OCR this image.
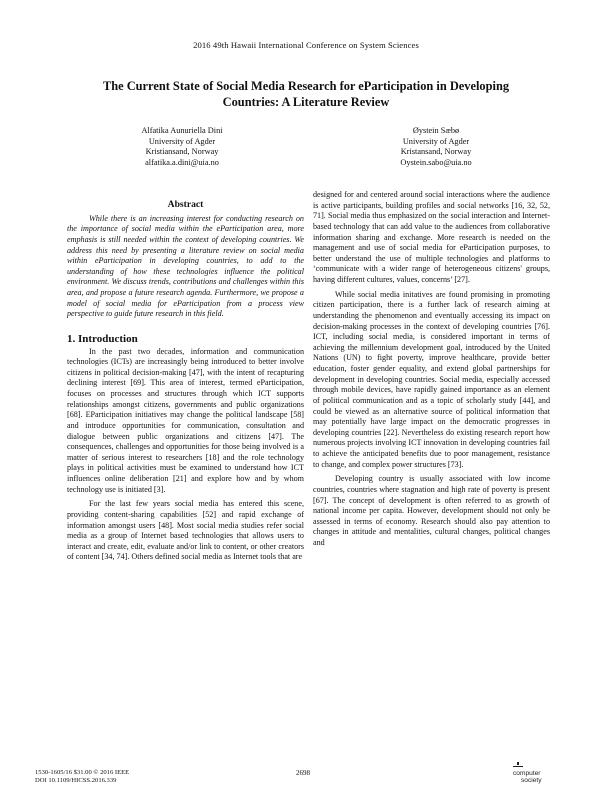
2016 49th Hawaii International Conference on System Sciences
The Current State of Social Media Research for eParticipation in Developing
Countries: A Literature Review
Alfatika Aunuriella Dini
University of Agder
Kristiansand, Norway
alfatika.a.dini@uia.no
Øystein Sæbø
University of Agder
Kristansand, Norway
Oystein.sabo@uia.no
Abstract

While there is an increasing interest for conducting research on the importance of social media within the eParticipation area, more emphasis is still needed within the context of developing countries. We address this need by presenting a literature review on social media within eParticipation in developing countries, to add to the understanding of how these technologies influence the political environment. We discuss trends, contributions and challenges within this area, and propose a future research agenda. Furthermore, we propose a model of social media for eParticipation from a process view perspective to guide future research in this field.

1. Introduction

In the past two decades, information and communication technologies (ICTs) are increasingly being introduced to better involve citizens in political decision-making [47], with the intent of recapturing declining interest [69]. This area of interest, termed eParticipation, focuses on processes and structures through which ICT supports relationships amongst citizens, governments and public organizations [68]. EParticipation initiatives may change the political landscape [58] and introduce opportunities for communication, consultation and dialogue between public organizations and citizens [47]. The consequences, challenges and opportunities for those being involved is a matter of serious interest to researchers [18] and the role technology plays in political activities must be examined to understand how ICT influences online deliberation [21] and explore how and by whom technology use is initiated [3].

For the last few years social media has entered this scene, providing content-sharing capabilities [52] and rapid exchange of information amongst users [48]. Most social media studies refer social media as a group of Internet based technologies that allows users to interact and create, edit, evaluate and/or link to content, or other creators of content [34, 74]. Others defined social media as Internet tools that are

designed for and centered around social interactions where the audience is active participants, building profiles and social networks [16, 32, 52, 71]. Social media thus emphasized on the social interaction and Internet-based technology that can add value to the audiences from collaborative information sharing and exchange. More research is needed on the management and use of social media for eParticipation purposes, to better understand the use of multiple technologies and platforms to ‘communicate with a wider range of heterogeneous citizens' groups, having different cultures, values, concerns’ [27].

While social media initatives are found promising in promoting citizen participation, there is a further lack of research aiming at understanding the phenomenon and eventually accessing its impact on decision-making processes in the context of developing countries [76]. ICT, including social media, is considered important in terms of achieving the millennium development goal, introduced by the United Nations (UN) to fight poverty, improve healthcare, provide better education, foster gender equality, and extend global partnerships for development in developing countries. Social media, especially accessed through mobile devices, have rapidly gained importance as an element of political communication and as a topic of scholarly study [44], and could be viewed as an alternative source of political information that may potentially have large impact on the democratic progresses in developing countries [22]. Nevertheless do existing research report how numerous projects involving ICT innovation in developing countries fail to achieve the anticipated benefits due to poor management, resistance to change, and complex power structures [73].

Developing country is usually associated with low income countries, countries where stagnation and high rate of poverty is present [67]. The concept of development is often referred to as growth of national income per capita. However, development should not only be assessed in terms of economy. Research should also pay attention to changes in attitude and mentalities, cultural changes, political changes and

1530-1605/16 $31.00 © 2016 IEEE
DOI 10.1109/HICSS.2016.339
2698	computer
society
